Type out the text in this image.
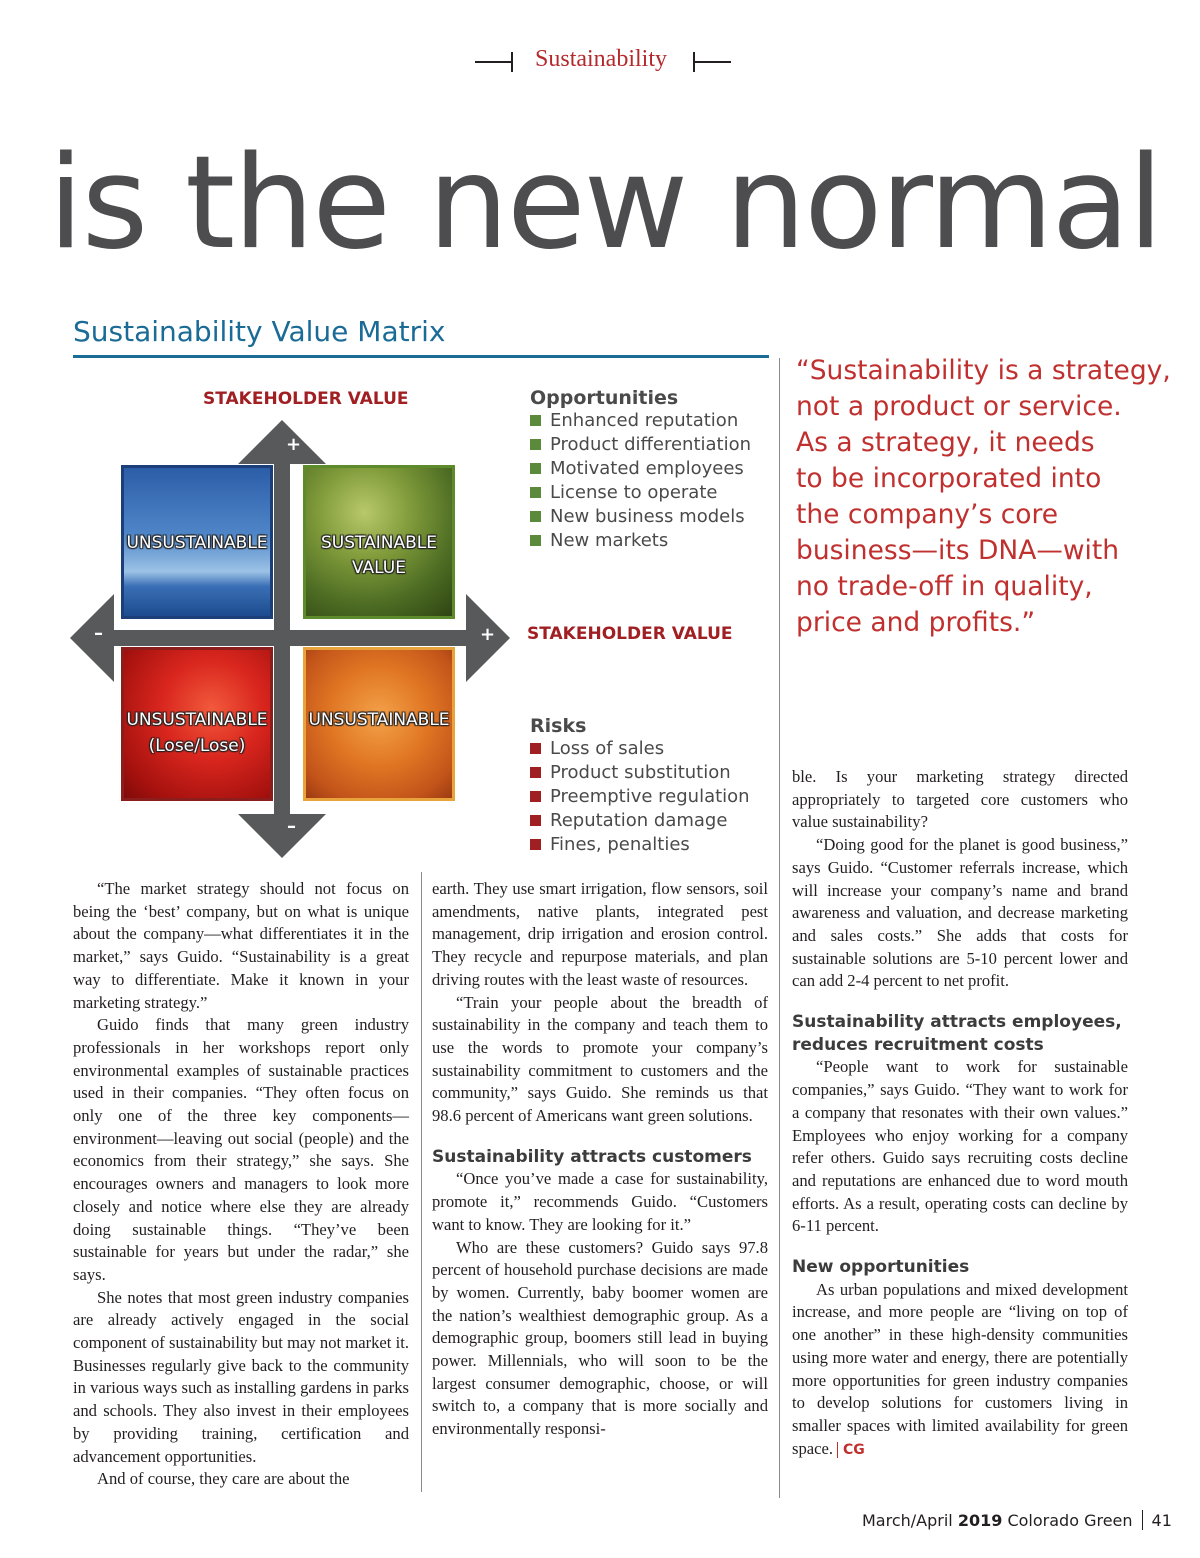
Sustainability
is the new normal
Sustainability Value Matrix
+
+
–
–
STAKEHOLDER VALUE
STAKEHOLDER VALUE
UNSUSTAINABLE	SUSTAINABLE
VALUE
UNSUSTAINABLE
(Lose/Lose)
UNSUSTAINABLE
Opportunities
Enhanced reputation
Product differentiation
Motivated employees
License to operate
New business models
New markets
Risks
Loss of sales
Product substitution
Preemptive regulation
Reputation damage
Fines, penalties
“Sustainability is a strategy,
not a product or service.
As a strategy, it needs
to be incorporated into
the company’s core
business—its DNA—with
no trade-off in quality,
price and profits.”

“The market strategy should not focus on being the ‘best’ company, but on what is unique about the company—what differentiates it in the market,” says Guido. “Sustainability is a great way to differentiate. Make it known in your marketing strategy.”

Guido finds that many green industry professionals in her workshops report only environmental examples of sustainable practices used in their companies. “They often focus on only one of the three key components—environment—leaving out social (people) and the economics from their strategy,” she says. She encourages owners and managers to look more closely and notice where else they are already doing sustainable things. “They’ve been sustainable for years but under the radar,” she says.

She notes that most green industry companies are already actively engaged in the social component of sustainability but may not market it. Businesses regularly give back to the community in various ways such as installing gardens in parks and schools. They also invest in their employees by providing training, certification and advancement opportunities.

And of course, they care are about the

earth. They use smart irrigation, flow sensors, soil amendments, native plants, integrated pest management, drip irrigation and erosion control. They recycle and repurpose materials, and plan driving routes with the least waste of resources.

“Train your people about the breadth of sustainability in the company and teach them to use the words to promote your company’s sustainability commitment to customers and the community,” says Guido. She reminds us that 98.6 percent of Americans want green solutions.

Sustainability attracts customers

“Once you’ve made a case for sustainability, promote it,” recommends Guido. “Customers want to know. They are looking for it.”

Who are these customers? Guido says 97.8 percent of household purchase decisions are made by women. Currently, baby boomer women are the nation’s wealthiest demographic group. As a demographic group, boomers still lead in buying power. Millennials, who will soon to be the largest consumer demographic, choose, or will switch to, a company that is more socially and environmentally responsi-

ble. Is your marketing strategy directed appropriately to targeted core customers who value sustainability?

“Doing good for the planet is good business,” says Guido. “Customer referrals increase, which will increase your company’s name and brand awareness and valuation, and decrease marketing and sales costs.” She adds that costs for sustainable solutions are 5-10 percent lower and can add 2-4 percent to net profit.

Sustainability attracts employees, reduces recruitment costs

“People want to work for sustainable companies,” says Guido. “They want to work for a company that resonates with their own values.” Employees who enjoy working for a company refer others. Guido says recruiting costs decline and reputations are enhanced due to word mouth efforts. As a result, operating costs can decline by 6-11 percent.

New opportunities

As urban populations and mixed development increase, and more people are “living on top of one another” in these high-density communities using more water and energy, there are potentially more opportunities for green industry companies to develop solutions for customers living in smaller spaces with limited availability for green space. CG

March/April 2019 Colorado Green 41
